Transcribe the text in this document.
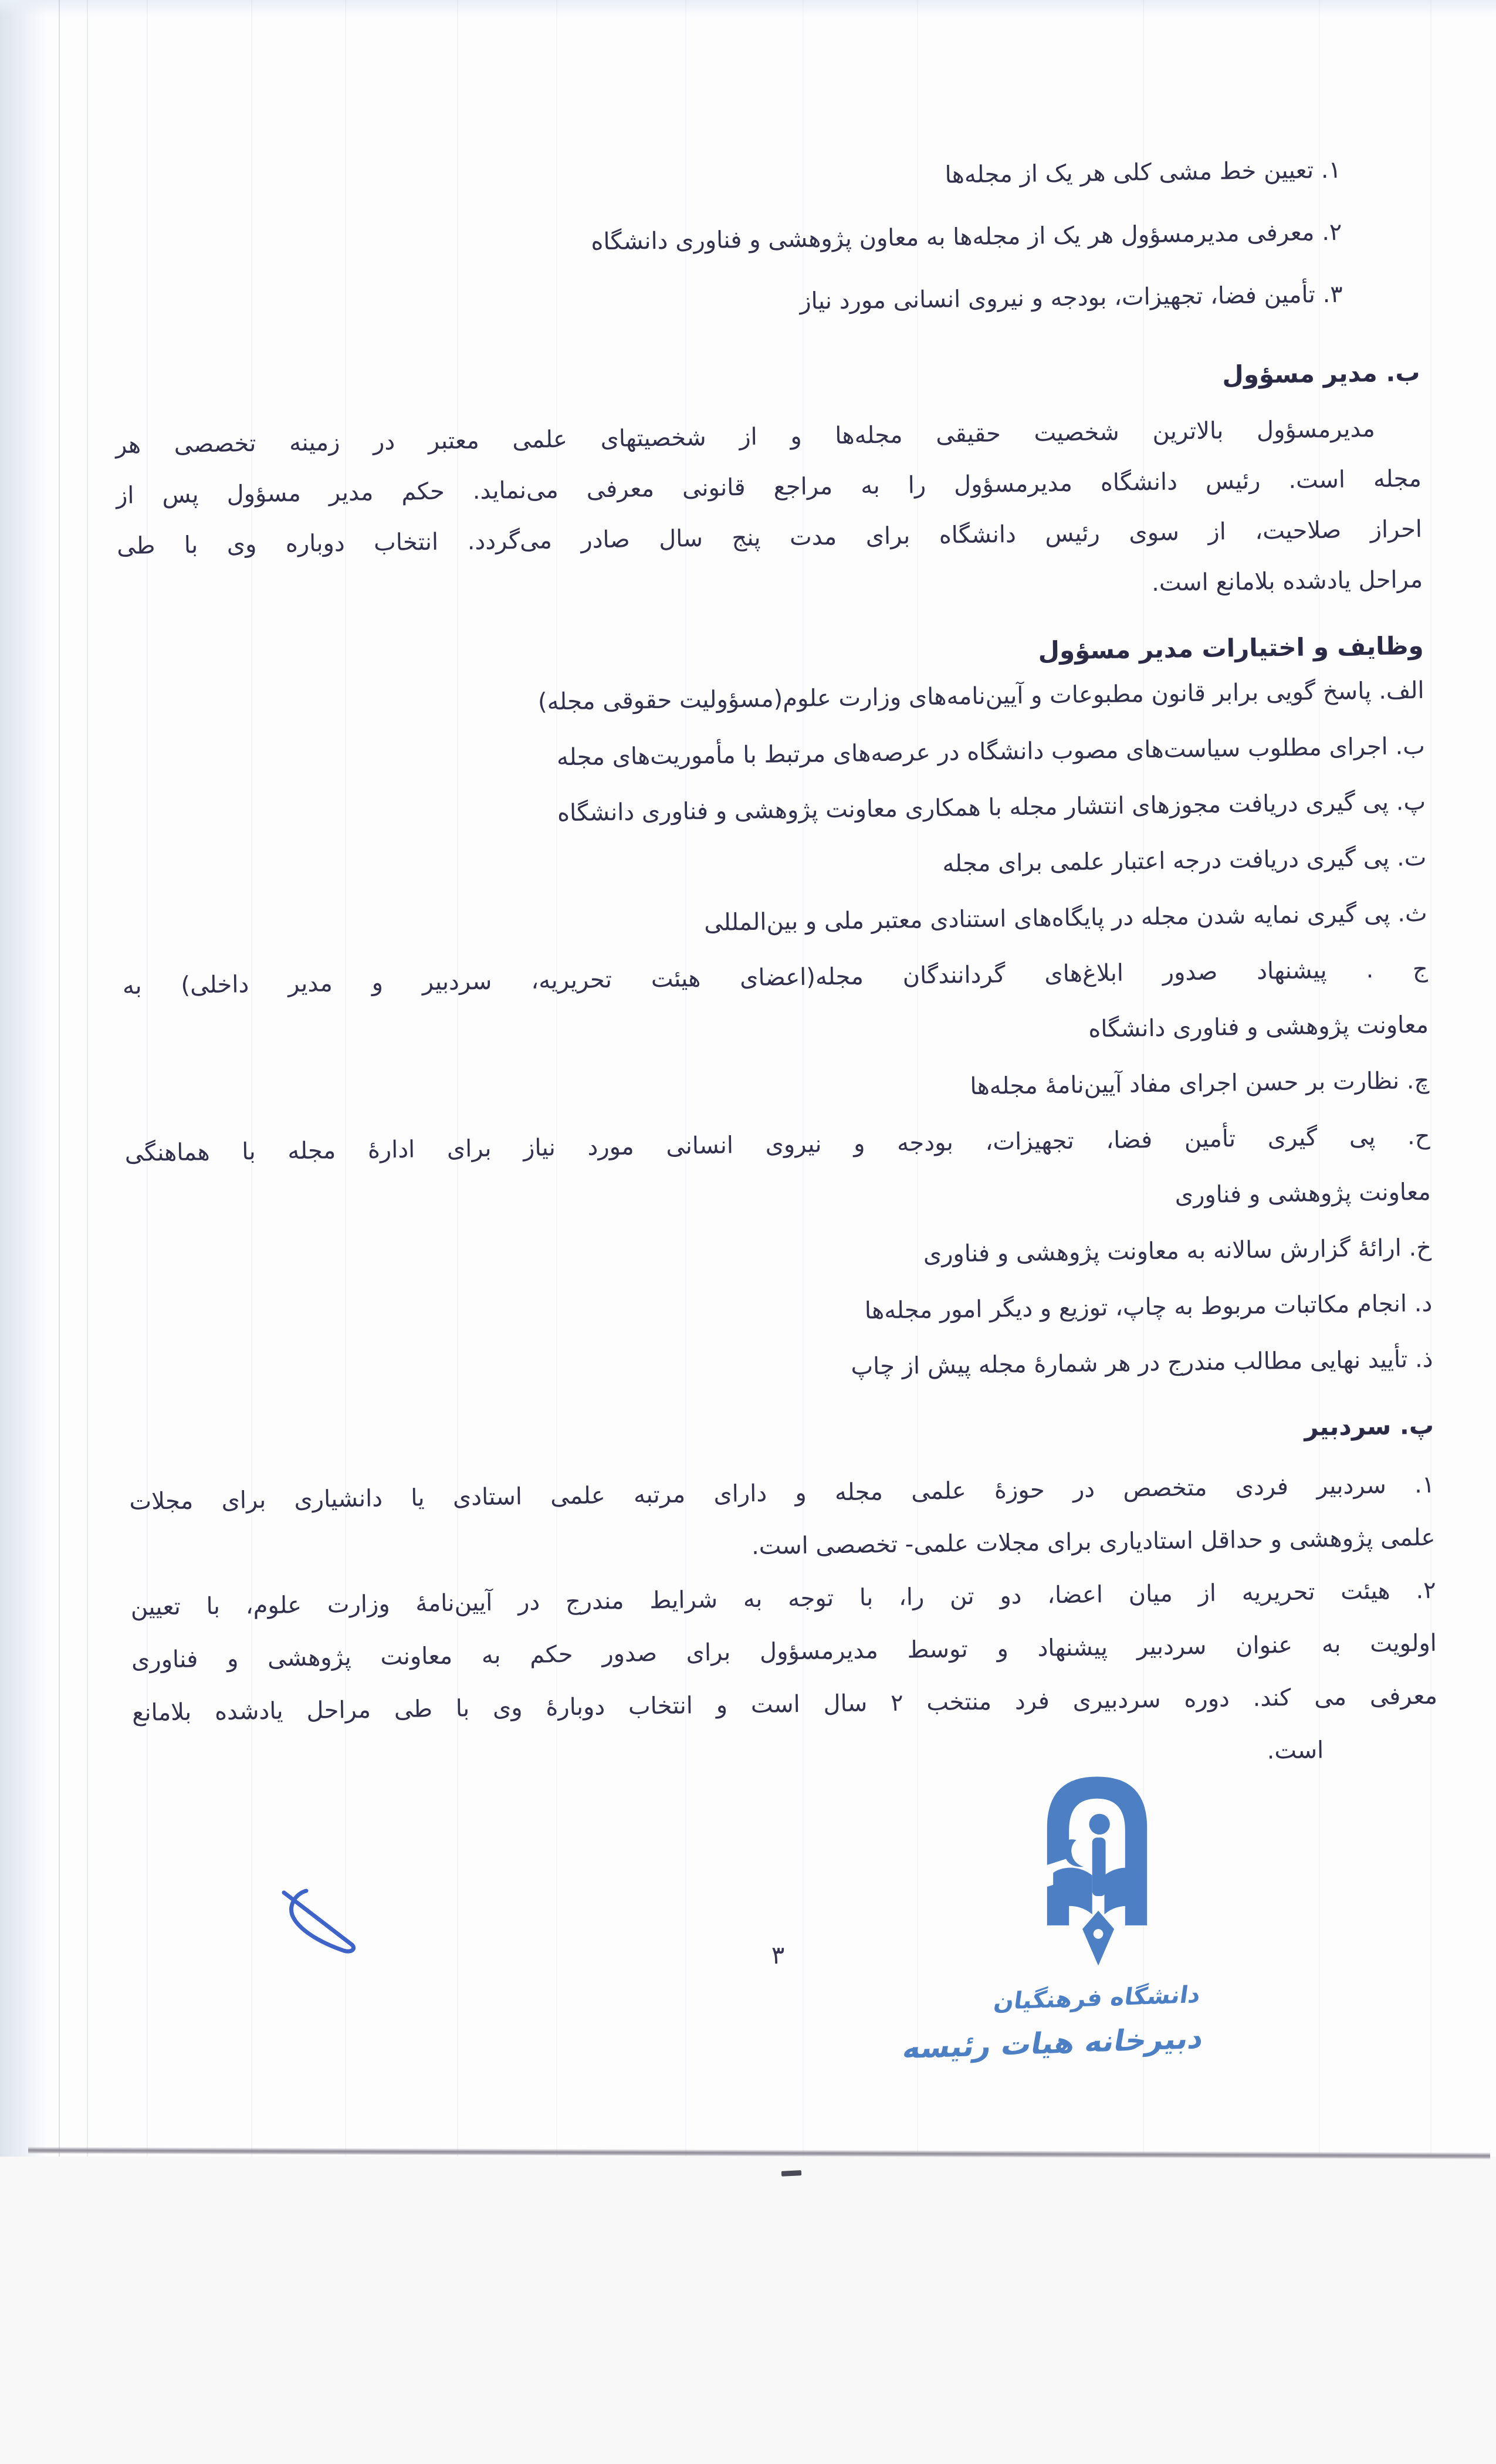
۱. تعیین خط مشی کلی هر یک از مجله‌ها
۲. معرفی مدیرمسؤول هر یک از مجله‌ها به معاون پژوهشی و فناوری دانشگاه
۳. تأمین فضا، تجهیزات، بودجه و نیروی انسانی مورد نیاز
ب. مدیر مسؤول
مدیرمسؤول بالاترین شخصیت حقیقی مجله‌ها و از شخصیتهای علمی معتبر در زمینه تخصصی هر
مجله است. رئیس دانشگاه مدیرمسؤول را به مراجع قانونی معرفی می‌نماید. حکم مدیر مسؤول پس از
احراز صلاحیت، از سوی رئیس دانشگاه برای مدت پنج سال صادر می‌گردد. انتخاب دوباره وی با طی
مراحل یادشده بلامانع است.
وظایف و اختیارات مدیر مسؤول
الف. پاسخ گویی برابر قانون مطبوعات و آیین‌نامه‌های وزارت علوم(مسؤولیت حقوقی مجله)
ب. اجرای مطلوب سیاست‌های مصوب دانشگاه در عرصه‌های مرتبط با مأموریت‌های مجله
پ. پی گیری دریافت مجوزهای انتشار مجله با همکاری معاونت پژوهشی و فناوری دانشگاه
ت. پی گیری دریافت درجه اعتبار علمی برای مجله
ث. پی گیری نمایه شدن مجله در پایگاه‌های استنادی معتبر ملی و بین‌المللی
ج . پیشنهاد صدور ابلاغ‌های گردانندگان مجله(اعضای هیئت تحریریه، سردبیر و مدیر داخلی) به
معاونت پژوهشی و فناوری دانشگاه
چ. نظارت بر حسن اجرای مفاد آیین‌نامهٔ مجله‌ها
ح. پی گیری تأمین فضا، تجهیزات، بودجه و نیروی انسانی مورد نیاز برای ادارهٔ مجله با هماهنگی
معاونت پژوهشی و فناوری
خ. ارائهٔ گزارش سالانه به معاونت پژوهشی و فناوری
د. انجام مکاتبات مربوط به چاپ، توزیع و دیگر امور مجله‌ها
ذ. تأیید نهایی مطالب مندرج در هر شمارهٔ مجله پیش از چاپ
پ. سردبیر
۱. سردبیر فردی متخصص در حوزهٔ علمی مجله و دارای مرتبه علمی استادی یا دانشیاری برای مجلات
علمی پژوهشی و حداقل استادیاری برای مجلات علمی- تخصصی است.
۲. هیئت تحریریه از میان اعضا، دو تن را، با توجه به شرایط مندرج در آیین‌نامهٔ وزارت علوم، با تعیین
اولویت به عنوان سردبیر پیشنهاد و توسط مدیرمسؤول برای صدور حکم به معاونت پژوهشی و فناوری
معرفی می کند. دوره سردبیری فرد منتخب ۲ سال است و انتخاب دوبارهٔ وی با طی مراحل یادشده بلامانع
است.
۳
دانشگاه فرهنگیان
دبیرخانه هیات رئیسه
